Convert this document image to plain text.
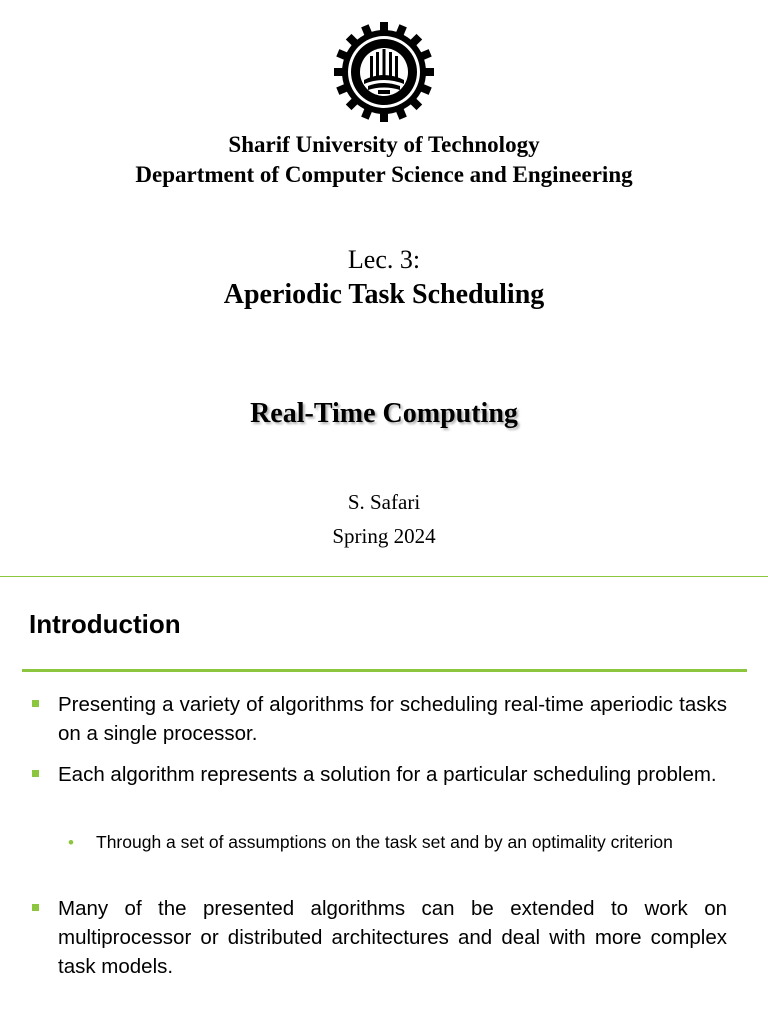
Sharif University of Technology
Department of Computer Science and Engineering
Lec. 3:
Aperiodic Task Scheduling
Real-Time Computing
S. Safari
Spring 2024
Introduction
Presenting a variety of algorithms for scheduling real-time aperiodic tasks on a single processor.
Each algorithm represents a solution for a particular scheduling problem.
• Through a set of assumptions on the task set and by an optimality criterion
Many of the presented algorithms can be extended to work on multiprocessor or distributed architectures and deal with more complex task models.
